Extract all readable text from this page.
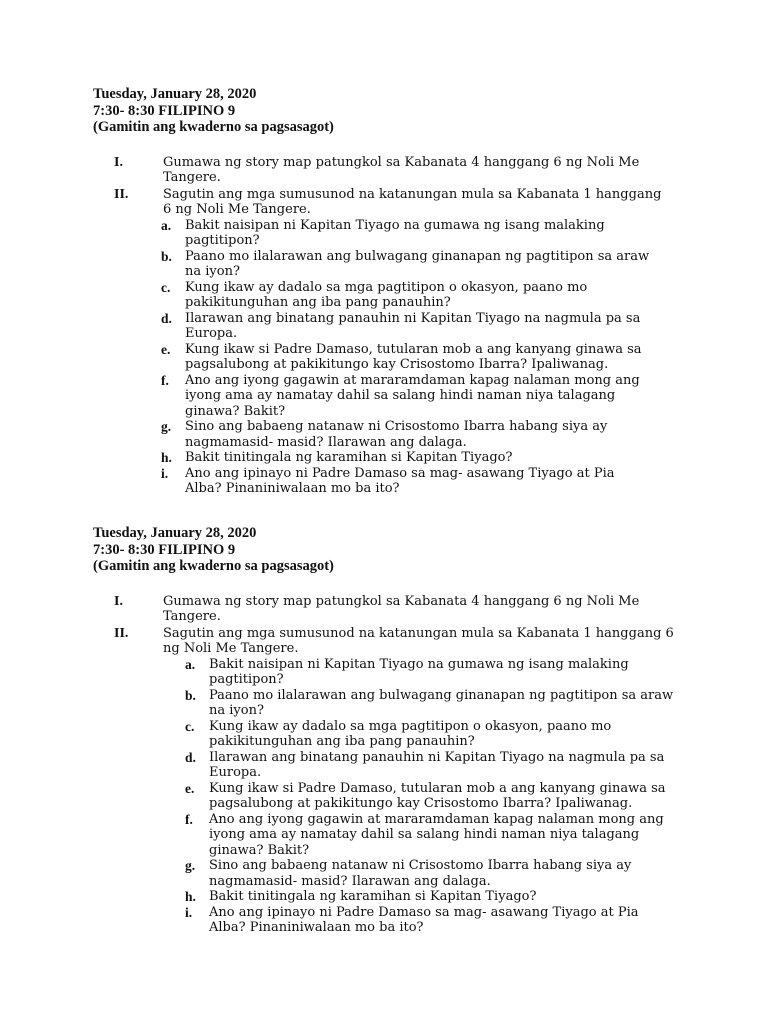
Tuesday, January 28, 2020
7:30- 8:30 FILIPINO 9
(Gamitin ang kwaderno sa pagsasagot)
I.	Gumawa ng story map patungkol sa Kabanata 4 hanggang 6 ng Noli Me Tangere.
II.	Sagutin ang mga sumusunod na katanungan mula sa Kabanata 1 hanggang 6 ng Noli Me Tangere.
a. Bakit naisipan ni Kapitan Tiyago na gumawa ng isang malaking pagtitipon?
b. Paano mo ilalarawan ang bulwagang ginanapan ng pagtitipon sa araw na iyon?
c. Kung ikaw ay dadalo sa mga pagtitipon o okasyon, paano mo pakikitunguhan ang iba pang panauhin?
d. Ilarawan ang binatang panauhin ni Kapitan Tiyago na nagmula pa sa Europa.
e. Kung ikaw si Padre Damaso, tutularan mob a ang kanyang ginawa sa pagsalubong at pakikitungo kay Crisostomo Ibarra? Ipaliwanag.
f. Ano ang iyong gagawin at mararamdaman kapag nalaman mong ang iyong ama ay namatay dahil sa salang hindi naman niya talagang ginawa? Bakit?
g. Sino ang babaeng natanaw ni Crisostomo Ibarra habang siya ay nagmamasid- masid? Ilarawan ang dalaga.
h. Bakit tinitingala ng karamihan si Kapitan Tiyago?
i. Ano ang ipinayo ni Padre Damaso sa mag- asawang Tiyago at Pia Alba? Pinaniniwalaan mo ba ito?
Tuesday, January 28, 2020
7:30- 8:30 FILIPINO 9
(Gamitin ang kwaderno sa pagsasagot)
I.	Gumawa ng story map patungkol sa Kabanata 4 hanggang 6 ng Noli Me Tangere.
II.	Sagutin ang mga sumusunod na katanungan mula sa Kabanata 1 hanggang 6 ng Noli Me Tangere.
a. Bakit naisipan ni Kapitan Tiyago na gumawa ng isang malaking pagtitipon?
b. Paano mo ilalarawan ang bulwagang ginanapan ng pagtitipon sa araw na iyon?
c. Kung ikaw ay dadalo sa mga pagtitipon o okasyon, paano mo pakikitunguhan ang iba pang panauhin?
d. Ilarawan ang binatang panauhin ni Kapitan Tiyago na nagmula pa sa Europa.
e. Kung ikaw si Padre Damaso, tutularan mob a ang kanyang ginawa sa pagsalubong at pakikitungo kay Crisostomo Ibarra? Ipaliwanag.
f. Ano ang iyong gagawin at mararamdaman kapag nalaman mong ang iyong ama ay namatay dahil sa salang hindi naman niya talagang ginawa? Bakit?
g. Sino ang babaeng natanaw ni Crisostomo Ibarra habang siya ay nagmamasid- masid? Ilarawan ang dalaga.
h. Bakit tinitingala ng karamihan si Kapitan Tiyago?
i. Ano ang ipinayo ni Padre Damaso sa mag- asawang Tiyago at Pia Alba? Pinaniniwalaan mo ba ito?
